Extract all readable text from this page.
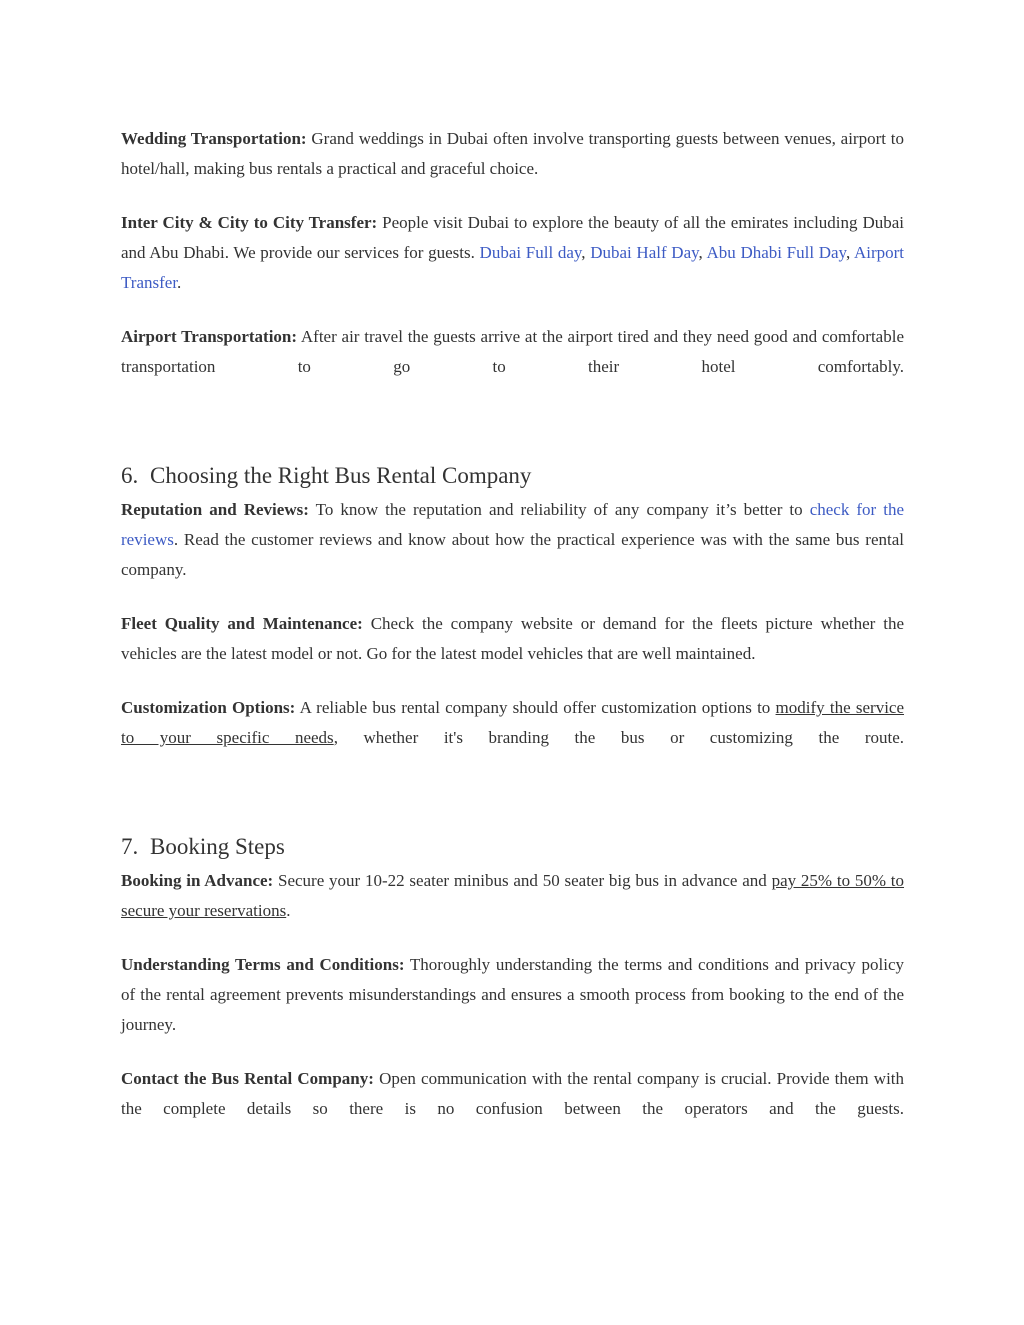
Wedding Transportation: Grand weddings in Dubai often involve transporting guests between venues, airport to hotel/hall, making bus rentals a practical and graceful choice.

Inter City & City to City Transfer: People visit Dubai to explore the beauty of all the emirates including Dubai and Abu Dhabi. We provide our services for guests. Dubai Full day, Dubai Half Day, Abu Dhabi Full Day, Airport Transfer.

Airport Transportation: After air travel the guests arrive at the airport tired and they need good and comfortable transportation to go to their hotel comfortably.

6. Choosing the Right Bus Rental Company

Reputation and Reviews: To know the reputation and reliability of any company it’s better to check for the reviews. Read the customer reviews and know about how the practical experience was with the same bus rental company.

Fleet Quality and Maintenance: Check the company website or demand for the fleets picture whether the vehicles are the latest model or not. Go for the latest model vehicles that are well maintained.

Customization Options: A reliable bus rental company should offer customization options to modify the service to your specific needs, whether it's branding the bus or customizing the route.

7. Booking Steps

Booking in Advance: Secure your 10-22 seater minibus and 50 seater big bus in advance and pay 25% to 50% to secure your reservations.

Understanding Terms and Conditions: Thoroughly understanding the terms and conditions and privacy policy of the rental agreement prevents misunderstandings and ensures a smooth process from booking to the end of the journey.

Contact the Bus Rental Company: Open communication with the rental company is crucial. Provide them with the complete details so there is no confusion between the operators and the guests.
